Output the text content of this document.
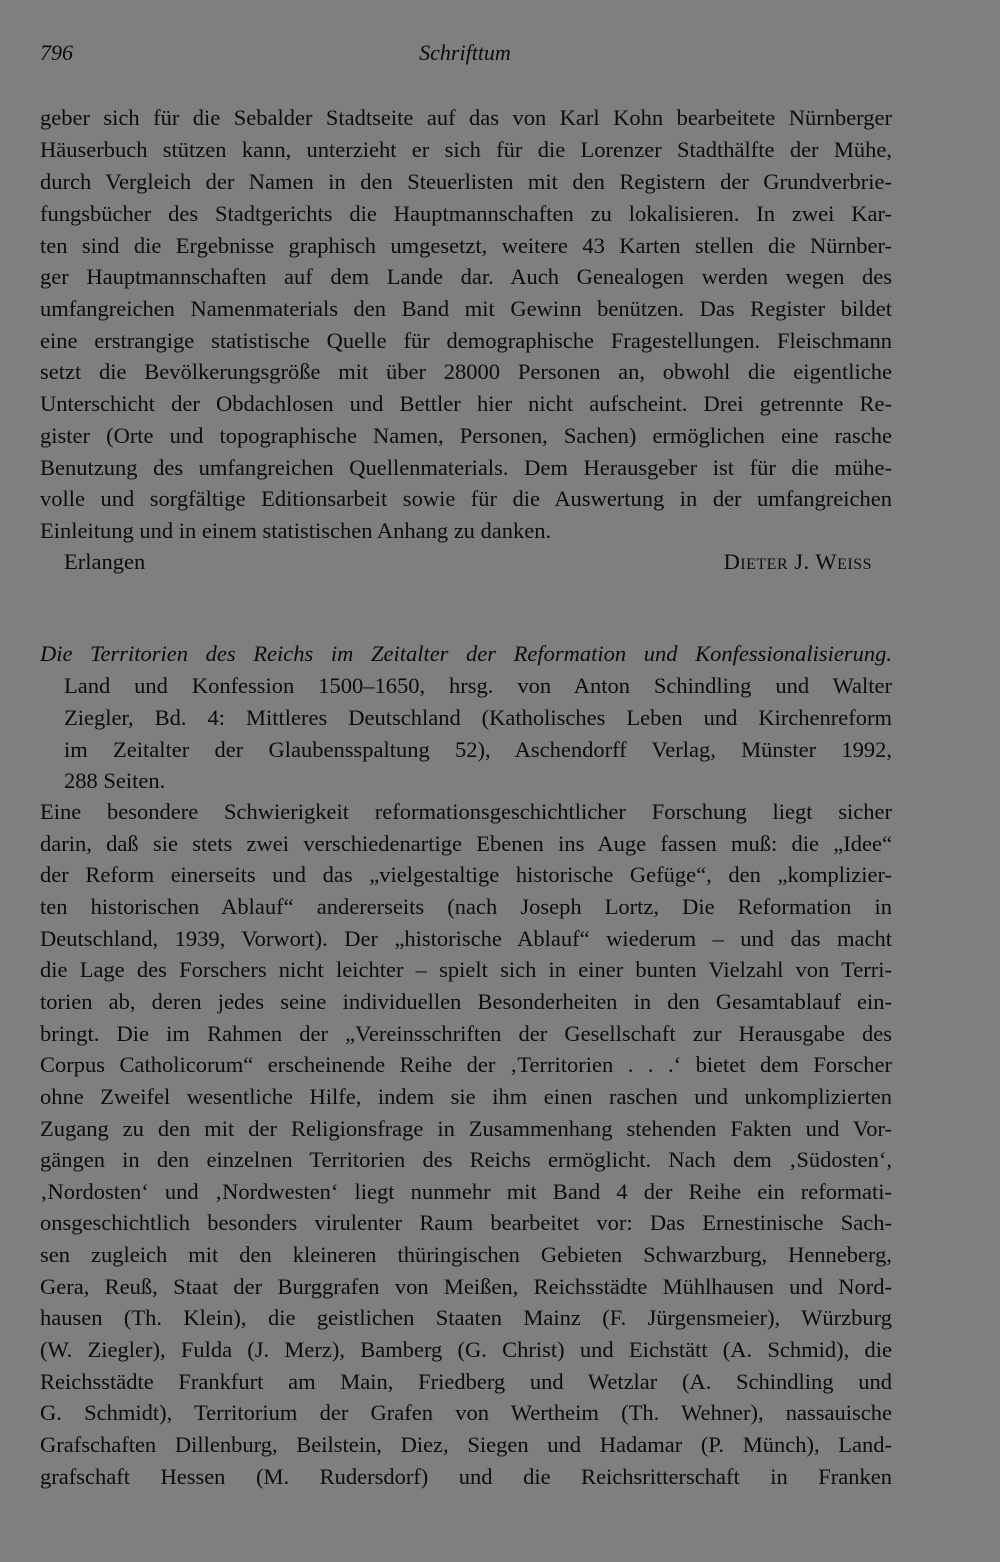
796	Schrifttum
geber sich für die Sebalder Stadtseite auf das von Karl Kohn bearbeitete Nürnberger
Häuserbuch stützen kann, unterzieht er sich für die Lorenzer Stadthälfte der Mühe,
durch Vergleich der Namen in den Steuerlisten mit den Registern der Grundverbrie-
fungsbücher des Stadtgerichts die Hauptmannschaften zu lokalisieren. In zwei Kar-
ten sind die Ergebnisse graphisch umgesetzt, weitere 43 Karten stellen die Nürnber-
ger Hauptmannschaften auf dem Lande dar. Auch Genealogen werden wegen des
umfangreichen Namenmaterials den Band mit Gewinn benützen. Das Register bildet
eine erstrangige statistische Quelle für demographische Fragestellungen. Fleischmann
setzt die Bevölkerungsgröße mit über 28000 Personen an, obwohl die eigentliche
Unterschicht der Obdachlosen und Bettler hier nicht aufscheint. Drei getrennte Re-
gister (Orte und topographische Namen, Personen, Sachen) ermöglichen eine rasche
Benutzung des umfangreichen Quellenmaterials. Dem Herausgeber ist für die mühe-
volle und sorgfältige Editionsarbeit sowie für die Auswertung in der umfangreichen
Einleitung und in einem statistischen Anhang zu danken.
Erlangen	Dieter J. Weiss
Die Territorien des Reichs im Zeitalter der Reformation und Konfessionalisierung.
Land und Konfession 1500–1650, hrsg. von Anton Schindling und Walter
Ziegler, Bd. 4: Mittleres Deutschland (Katholisches Leben und Kirchenreform
im Zeitalter der Glaubensspaltung 52), Aschendorff Verlag, Münster 1992,
288 Seiten.
Eine besondere Schwierigkeit reformationsgeschichtlicher Forschung liegt sicher
darin, daß sie stets zwei verschiedenartige Ebenen ins Auge fassen muß: die „Idee“
der Reform einerseits und das „vielgestaltige historische Gefüge“, den „komplizier-
ten historischen Ablauf“ andererseits (nach Joseph Lortz, Die Reformation in
Deutschland, 1939, Vorwort). Der „historische Ablauf“ wiederum – und das macht
die Lage des Forschers nicht leichter – spielt sich in einer bunten Vielzahl von Terri-
torien ab, deren jedes seine individuellen Besonderheiten in den Gesamtablauf ein-
bringt. Die im Rahmen der „Vereinsschriften der Gesellschaft zur Herausgabe des
Corpus Catholicorum“ erscheinende Reihe der ‚Territorien . . .‘ bietet dem Forscher
ohne Zweifel wesentliche Hilfe, indem sie ihm einen raschen und unkomplizierten
Zugang zu den mit der Religionsfrage in Zusammenhang stehenden Fakten und Vor-
gängen in den einzelnen Territorien des Reichs ermöglicht. Nach dem ‚Südosten‘,
‚Nordosten‘ und ‚Nordwesten‘ liegt nunmehr mit Band 4 der Reihe ein reformati-
onsgeschichtlich besonders virulenter Raum bearbeitet vor: Das Ernestinische Sach-
sen zugleich mit den kleineren thüringischen Gebieten Schwarzburg, Henneberg,
Gera, Reuß, Staat der Burggrafen von Meißen, Reichsstädte Mühlhausen und Nord-
hausen (Th. Klein), die geistlichen Staaten Mainz (F. Jürgensmeier), Würzburg
(W. Ziegler), Fulda (J. Merz), Bamberg (G. Christ) und Eichstätt (A. Schmid), die
Reichsstädte Frankfurt am Main, Friedberg und Wetzlar (A. Schindling und
G. Schmidt), Territorium der Grafen von Wertheim (Th. Wehner), nassauische
Grafschaften Dillenburg, Beilstein, Diez, Siegen und Hadamar (P. Münch), Land-
grafschaft Hessen (M. Rudersdorf) und die Reichsritterschaft in Franken
